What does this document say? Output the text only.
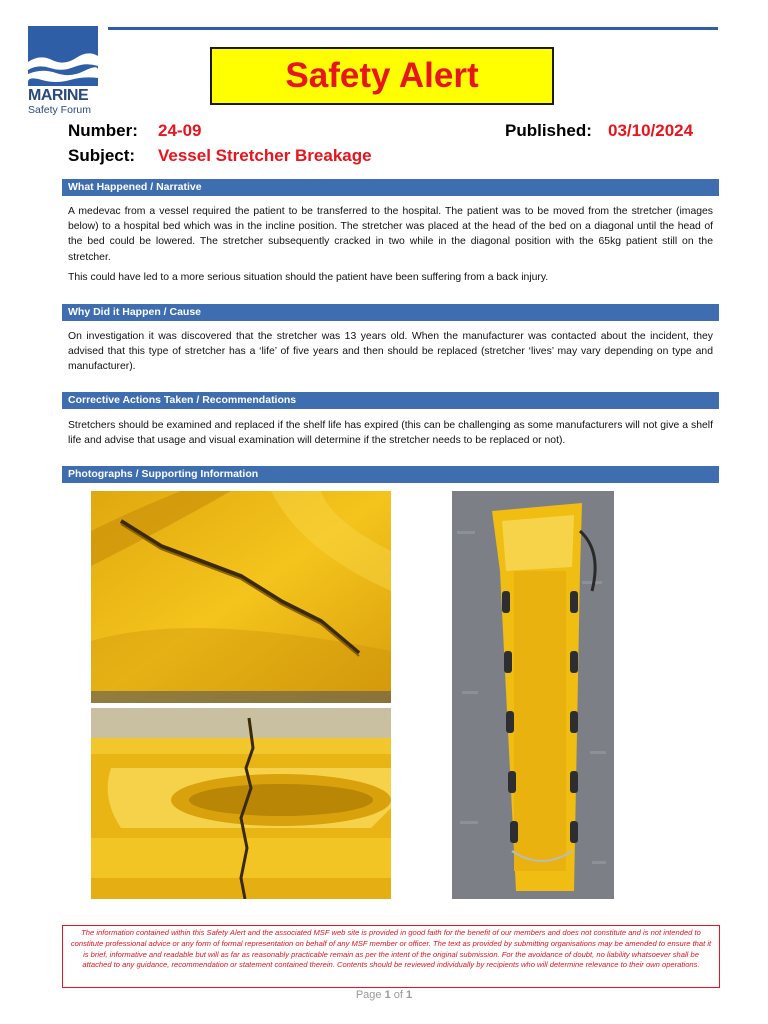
MARINE
Safety Forum
Safety Alert
Number: 24-09	Published: 03/10/2024
Subject: Vessel Stretcher Breakage
What Happened / Narrative
A medevac from a vessel required the patient to be transferred to the hospital. The patient was to be moved from the stretcher (images below) to a hospital bed which was in the incline position. The stretcher was placed at the head of the bed on a diagonal until the head of the bed could be lowered. The stretcher subsequently cracked in two while in the diagonal position with the 65kg patient still on the stretcher.
This could have led to a more serious situation should the patient have been suffering from a back injury.
Why Did it Happen / Cause
On investigation it was discovered that the stretcher was 13 years old. When the manufacturer was contacted about the incident, they advised that this type of stretcher has a ‘life’ of five years and then should be replaced (stretcher ‘lives’ may vary depending on type and manufacturer).
Corrective Actions Taken / Recommendations
Stretchers should be examined and replaced if the shelf life has expired (this can be challenging as some manufacturers will not give a shelf life and advise that usage and visual examination will determine if the stretcher needs to be replaced or not).
Photographs / Supporting Information
The information contained within this Safety Alert and the associated MSF web site is provided in good faith for the benefit of our members and does not constitute and is not intended to constitute professional advice or any form of formal representation on behalf of any MSF member or officer. The text as provided by submitting organisations may be amended to ensure that it is brief, informative and readable but will as far as reasonably practicable remain as per the intent of the original submission. For the avoidance of doubt, no liability whatsoever shall be attached to any guidance, recommendation or statement contained therein. Contents should be reviewed individually by recipients who will determine relevance to their own operations.
Page 1 of 1
